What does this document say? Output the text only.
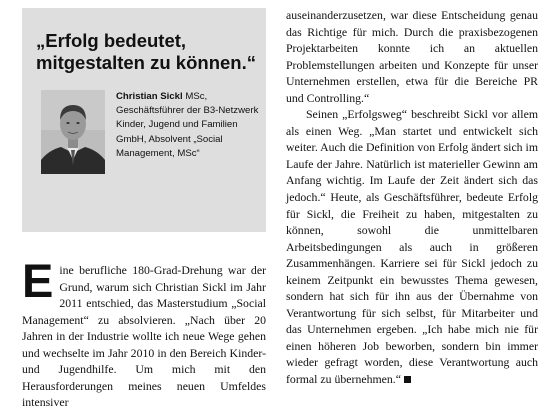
„Erfolg bedeutet, mitgestalten zu können.“

Christian Sickl MSc, Geschäftsführer der B3-Netzwerk Kinder, Jugend und Familien GmbH, Absolvent „Social Management, MSc“

E ine berufliche 180-Grad-Drehung war der Grund, warum sich Christian Sickl im Jahr 2011 entschied, das Masterstudium „Social Management“ zu absolvieren. „Nach über 20 Jahren in der Industrie wollte ich neue Wege gehen und wechselte im Jahr 2010 in den Bereich Kinder- und Jugendhilfe. Um mich mit den Herausforderungen meines neuen Umfeldes intensiver

auseinanderzusetzen, war diese Entscheidung genau das Richtige für mich. Durch die praxisbezogenen Projektarbeiten konnte ich an aktuellen Problemstellungen arbeiten und Konzepte für unser Unternehmen erstellen, etwa für die Bereiche PR und Controlling.“

Seinen „Erfolgsweg“ beschreibt Sickl vor allem als einen Weg. „Man startet und entwickelt sich weiter. Auch die Definition von Erfolg ändert sich im Laufe der Jahre. Natürlich ist materieller Gewinn am Anfang wichtig. Im Laufe der Zeit ändert sich das jedoch.“ Heute, als Geschäftsführer, bedeute Erfolg für Sickl, die Freiheit zu haben, mitgestalten zu können, sowohl die unmittelbaren Arbeitsbedingungen als auch in größeren Zusammenhängen. Karriere sei für Sickl jedoch zu keinem Zeitpunkt ein bewusstes Thema gewesen, sondern hat sich für ihn aus der Übernahme von Verantwortung für sich selbst, für Mitarbeiter und das Unternehmen ergeben. „Ich habe mich nie für einen höheren Job beworben, sondern bin immer wieder gefragt worden, diese Verantwortung auch formal zu übernehmen.“
